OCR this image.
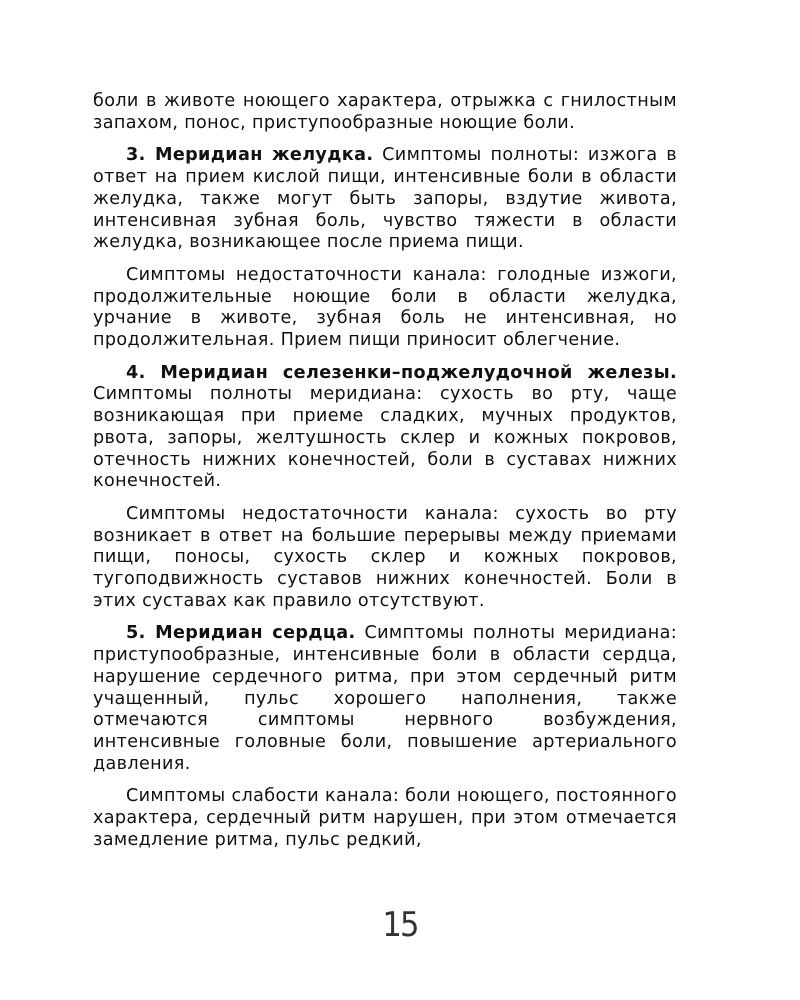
боли в животе ноющего характера, отрыжка с гнилостным запахом, понос, приступообразные ноющие боли.

3. Меридиан желудка. Симптомы полноты: изжога в ответ на прием кислой пищи, интенсивные боли в области желудка, также могут быть запоры, вздутие живота, интенсивная зубная боль, чувство тяжести в области желудка, возникающее после приема пищи.

Симптомы недостаточности канала: голодные изжоги, продолжительные ноющие боли в области желудка, урчание в животе, зубная боль не интенсивная, но продолжительная. Прием пищи приносит облегчение.

4. Меридиан селезенки–поджелудочной железы. Симптомы полноты меридиана: сухость во рту, чаще возникающая при приеме сладких, мучных продуктов, рвота, запоры, желтушность склер и кожных покровов, отечность нижних конечностей, боли в суставах нижних конечностей.

Симптомы недостаточности канала: сухость во рту возникает в ответ на большие перерывы между приемами пищи, поносы, сухость склер и кожных покровов, тугоподвижность суставов нижних конечностей. Боли в этих суставах как правило отсутствуют.

5. Меридиан сердца. Симптомы полноты меридиана: приступообразные, интенсивные боли в области сердца, нарушение сердечного ритма, при этом сердечный ритм учащенный, пульс хорошего наполнения, также отмечаются симптомы нервного возбуждения, интенсивные головные боли, повышение артериального давления.

Симптомы слабости канала: боли ноющего, постоянного характера, сердечный ритм нарушен, при этом отмечается замедление ритма, пульс редкий,

15
